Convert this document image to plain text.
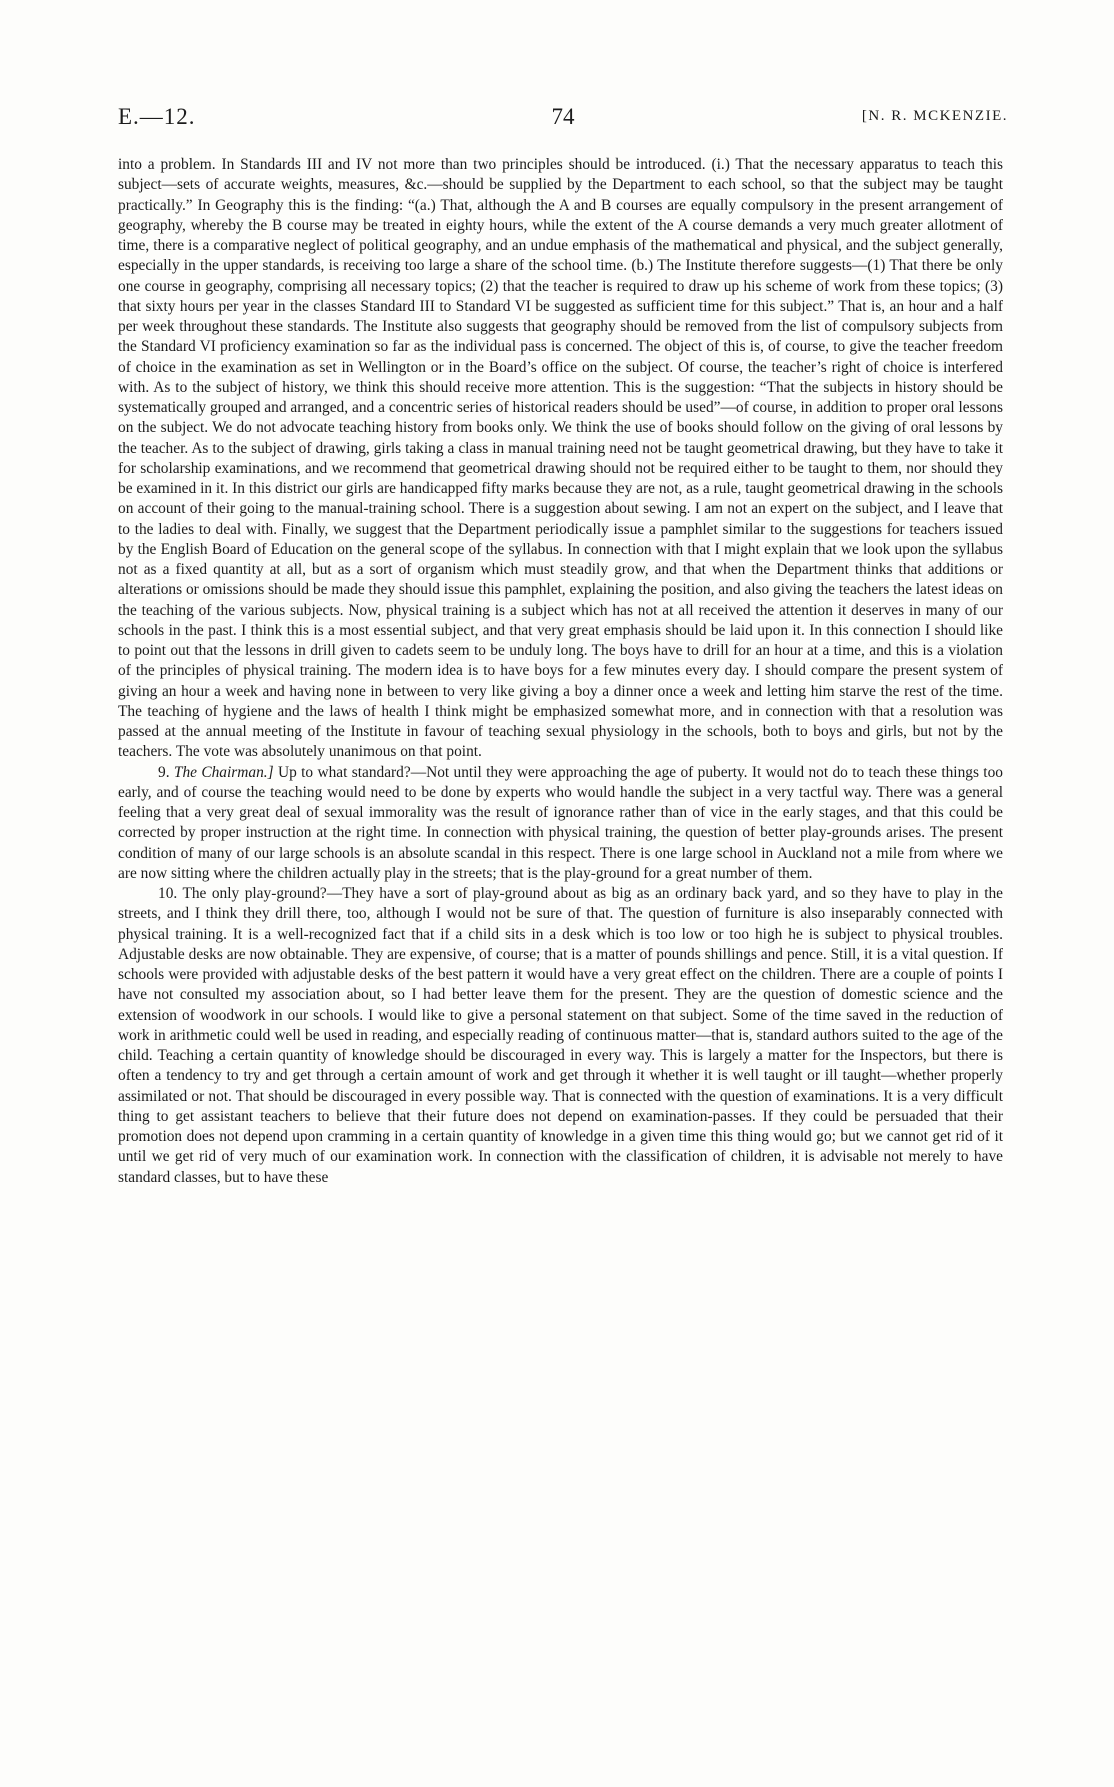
E.—12.	74	[N. R. MCKENZIE.

into a problem. In Standards III and IV not more than two principles should be introduced. (i.) That the necessary apparatus to teach this subject—sets of accurate weights, measures, &c.—should be supplied by the Department to each school, so that the subject may be taught practically.” In Geography this is the finding: “(a.) That, although the A and B courses are equally compulsory in the present arrangement of geography, whereby the B course may be treated in eighty hours, while the extent of the A course demands a very much greater allotment of time, there is a comparative neglect of political geography, and an undue emphasis of the mathematical and physical, and the subject generally, especially in the upper standards, is receiving too large a share of the school time. (b.) The Institute therefore suggests—(1) That there be only one course in geography, comprising all necessary topics; (2) that the teacher is required to draw up his scheme of work from these topics; (3) that sixty hours per year in the classes Standard III to Standard VI be suggested as sufficient time for this subject.” That is, an hour and a half per week throughout these standards. The Institute also suggests that geography should be removed from the list of compulsory subjects from the Standard VI proficiency examination so far as the individual pass is concerned. The object of this is, of course, to give the teacher freedom of choice in the examination as set in Wellington or in the Board’s office on the subject. Of course, the teacher’s right of choice is interfered with. As to the subject of history, we think this should receive more attention. This is the suggestion: “That the subjects in history should be systematically grouped and arranged, and a concentric series of historical readers should be used”—of course, in addition to proper oral lessons on the subject. We do not advocate teaching history from books only. We think the use of books should follow on the giving of oral lessons by the teacher. As to the subject of drawing, girls taking a class in manual training need not be taught geometrical drawing, but they have to take it for scholarship examinations, and we recommend that geometrical drawing should not be required either to be taught to them, nor should they be examined in it. In this district our girls are handicapped fifty marks because they are not, as a rule, taught geometrical drawing in the schools on account of their going to the manual-training school. There is a suggestion about sewing. I am not an expert on the subject, and I leave that to the ladies to deal with. Finally, we suggest that the Department periodically issue a pamphlet similar to the suggestions for teachers issued by the English Board of Education on the general scope of the syllabus. In connection with that I might explain that we look upon the syllabus not as a fixed quantity at all, but as a sort of organism which must steadily grow, and that when the Department thinks that additions or alterations or omissions should be made they should issue this pamphlet, explaining the position, and also giving the teachers the latest ideas on the teaching of the various subjects. Now, physical training is a subject which has not at all received the attention it deserves in many of our schools in the past. I think this is a most essential subject, and that very great emphasis should be laid upon it. In this connection I should like to point out that the lessons in drill given to cadets seem to be unduly long. The boys have to drill for an hour at a time, and this is a violation of the principles of physical training. The modern idea is to have boys for a few minutes every day. I should compare the present system of giving an hour a week and having none in between to very like giving a boy a dinner once a week and letting him starve the rest of the time. The teaching of hygiene and the laws of health I think might be emphasized somewhat more, and in connection with that a resolution was passed at the annual meeting of the Institute in favour of teaching sexual physiology in the schools, both to boys and girls, but not by the teachers. The vote was absolutely unanimous on that point.

9. The Chairman.] Up to what standard?—Not until they were approaching the age of puberty. It would not do to teach these things too early, and of course the teaching would need to be done by experts who would handle the subject in a very tactful way. There was a general feeling that a very great deal of sexual immorality was the result of ignorance rather than of vice in the early stages, and that this could be corrected by proper instruction at the right time. In connection with physical training, the question of better play-grounds arises. The present condition of many of our large schools is an absolute scandal in this respect. There is one large school in Auckland not a mile from where we are now sitting where the children actually play in the streets; that is the play-ground for a great number of them.

10. The only play-ground?—They have a sort of play-ground about as big as an ordinary back yard, and so they have to play in the streets, and I think they drill there, too, although I would not be sure of that. The question of furniture is also inseparably connected with physical training. It is a well-recognized fact that if a child sits in a desk which is too low or too high he is subject to physical troubles. Adjustable desks are now obtainable. They are expensive, of course; that is a matter of pounds shillings and pence. Still, it is a vital question. If schools were provided with adjustable desks of the best pattern it would have a very great effect on the children. There are a couple of points I have not consulted my association about, so I had better leave them for the present. They are the question of domestic science and the extension of woodwork in our schools. I would like to give a personal statement on that subject. Some of the time saved in the reduction of work in arithmetic could well be used in reading, and especially reading of continuous matter—that is, standard authors suited to the age of the child. Teaching a certain quantity of knowledge should be discouraged in every way. This is largely a matter for the Inspectors, but there is often a tendency to try and get through a certain amount of work and get through it whether it is well taught or ill taught—whether properly assimilated or not. That should be discouraged in every possible way. That is connected with the question of examinations. It is a very difficult thing to get assistant teachers to believe that their future does not depend on examination-passes. If they could be persuaded that their promotion does not depend upon cramming in a certain quantity of knowledge in a given time this thing would go; but we cannot get rid of it until we get rid of very much of our examination work. In connection with the classification of children, it is advisable not merely to have standard classes, but to have these
